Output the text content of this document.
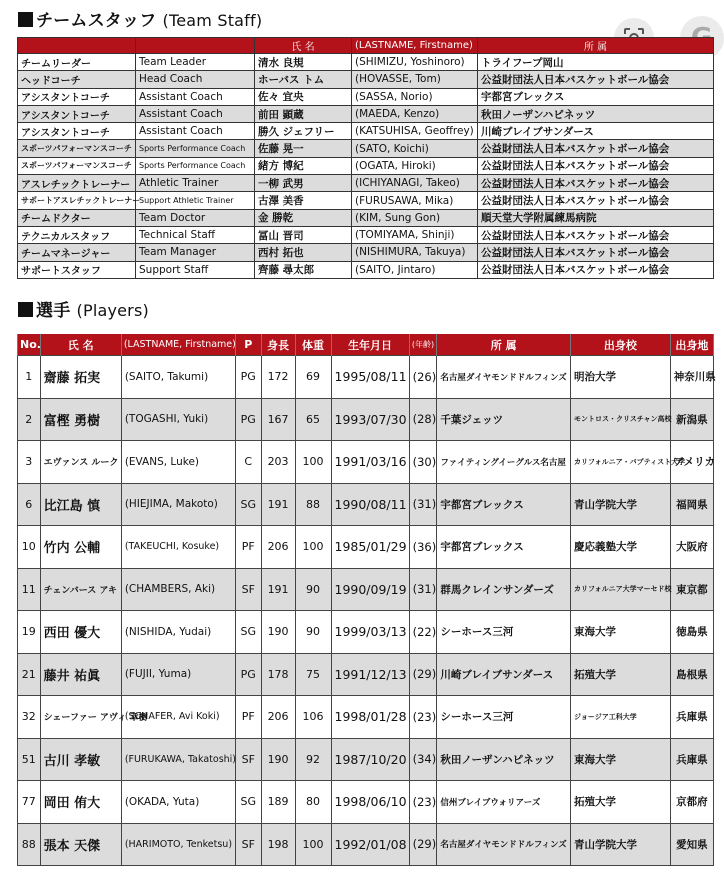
チームスタッフ (Team Staff)
		氏 名	(LASTNAME, Firstname)	所 属
チームリーダー	Team Leader	清水 良規	(SHIMIZU, Yoshinoro)	トライフープ岡山
ヘッドコーチ	Head Coach	ホーバス トム	(HOVASSE, Tom)	公益財団法人日本バスケットボール協会
アシスタントコーチ	Assistant Coach	佐々 宜央	(SASSA, Norio)	宇都宮ブレックス
アシスタントコーチ	Assistant Coach	前田 顕蔵	(MAEDA, Kenzo)	秋田ノーザンハピネッツ
アシスタントコーチ	Assistant Coach	勝久 ジェフリー	(KATSUHISA, Geoffrey)	川崎ブレイブサンダース
スポーツパフォーマンスコーチ	Sports Performance Coach	佐藤 晃一	(SATO, Koichi)	公益財団法人日本バスケットボール協会
スポーツパフォーマンスコーチ	Sports Performance Coach	緒方 博紀	(OGATA, Hiroki)	公益財団法人日本バスケットボール協会
アスレチックトレーナー	Athletic Trainer	一柳 武男	(ICHIYANAGI, Takeo)	公益財団法人日本バスケットボール協会
サポートアスレチックトレーナー	Support Athletic Trainer	古澤 美香	(FURUSAWA, Mika)	公益財団法人日本バスケットボール協会
チームドクター	Team Doctor	金 勝乾	(KIM, Sung Gon)	順天堂大学附属練馬病院
テクニカルスタッフ	Technical Staff	冨山 晋司	(TOMIYAMA, Shinji)	公益財団法人日本バスケットボール協会
チームマネージャー	Team Manager	西村 拓也	(NISHIMURA, Takuya)	公益財団法人日本バスケットボール協会
サポートスタッフ	Support Staff	齊藤 尋太郎	(SAITO, Jintaro)	公益財団法人日本バスケットボール協会
選手 (Players)
No.	氏 名	(LASTNAME, Firstname)	P	身長	体重	生年月日	(年齢)	所 属	出身校	出身地
1	齋藤 拓実	(SAITO, Takumi)	PG	172	69	1995/08/11	(26)	名古屋ダイヤモンドドルフィンズ	明治大学	神奈川県
2	富樫 勇樹	(TOGASHI, Yuki)	PG	167	65	1993/07/30	(28)	千葉ジェッツ	モントロス・クリスチャン高校	新潟県
3	エヴァンス ルーク	(EVANS, Luke)	C	203	100	1991/03/16	(30)	ファイティングイーグルス名古屋	カリフォルニア・バプティスト大学	アメリカ
6	比江島 慎	(HIEJIMA, Makoto)	SG	191	88	1990/08/11	(31)	宇都宮ブレックス	青山学院大学	福岡県
10	竹内 公輔	(TAKEUCHI, Kosuke)	PF	206	100	1985/01/29	(36)	宇都宮ブレックス	慶応義塾大学	大阪府
11	チェンバース アキ	(CHAMBERS, Aki)	SF	191	90	1990/09/19	(31)	群馬クレインサンダーズ	カリフォルニア大学マーセド校	東京都
19	西田 優大	(NISHIDA, Yudai)	SG	190	90	1999/03/13	(22)	シーホース三河	東海大学	徳島県
21	藤井 祐眞	(FUJII, Yuma)	PG	178	75	1991/12/13	(29)	川崎ブレイブサンダース	拓殖大学	島根県
32	シェーファー アヴィ 幸樹	(SCHAFER, Avi Koki)	PF	206	106	1998/01/28	(23)	シーホース三河	ジョージア工科大学	兵庫県
51	古川 孝敏	(FURUKAWA, Takatoshi)	SF	190	92	1987/10/20	(34)	秋田ノーザンハピネッツ	東海大学	兵庫県
77	岡田 侑大	(OKADA, Yuta)	SG	189	80	1998/06/10	(23)	信州ブレイブウォリアーズ	拓殖大学	京都府
88	張本 天傑	(HARIMOTO, Tenketsu)	SF	198	100	1992/01/08	(29)	名古屋ダイヤモンドドルフィンズ	青山学院大学	愛知県
